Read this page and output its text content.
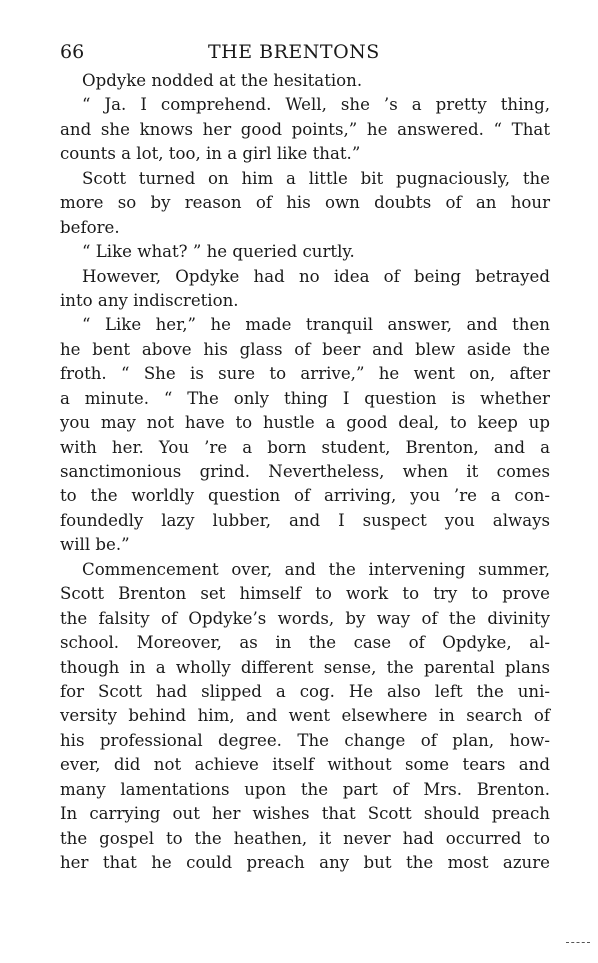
66	THE BRENTONS
Opdyke nodded at the hesitation.
“ Ja. I comprehend. Well, she ’s a pretty thing,
and she knows her good points,” he answered. “ That
counts a lot, too, in a girl like that.”
Scott turned on him a little bit pugnaciously, the
more so by reason of his own doubts of an hour
before.
“ Like what? ” he queried curtly.
However, Opdyke had no idea of being betrayed
into any indiscretion.
“ Like her,” he made tranquil answer, and then
he bent above his glass of beer and blew aside the
froth. “ She is sure to arrive,” he went on, after
a minute. “ The only thing I question is whether
you may not have to hustle a good deal, to keep up
with her. You ’re a born student, Brenton, and a
sanctimonious grind. Nevertheless, when it comes
to the worldly question of arriving, you ’re a con-
foundedly lazy lubber, and I suspect you always
will be.”
Commencement over, and the intervening summer,
Scott Brenton set himself to work to try to prove
the falsity of Opdyke’s words, by way of the divinity
school. Moreover, as in the case of Opdyke, al-
though in a wholly different sense, the parental plans
for Scott had slipped a cog. He also left the uni-
versity behind him, and went elsewhere in search of
his professional degree. The change of plan, how-
ever, did not achieve itself without some tears and
many lamentations upon the part of Mrs. Brenton.
In carrying out her wishes that Scott should preach
the gospel to the heathen, it never had occurred to
her that he could preach any but the most azure
